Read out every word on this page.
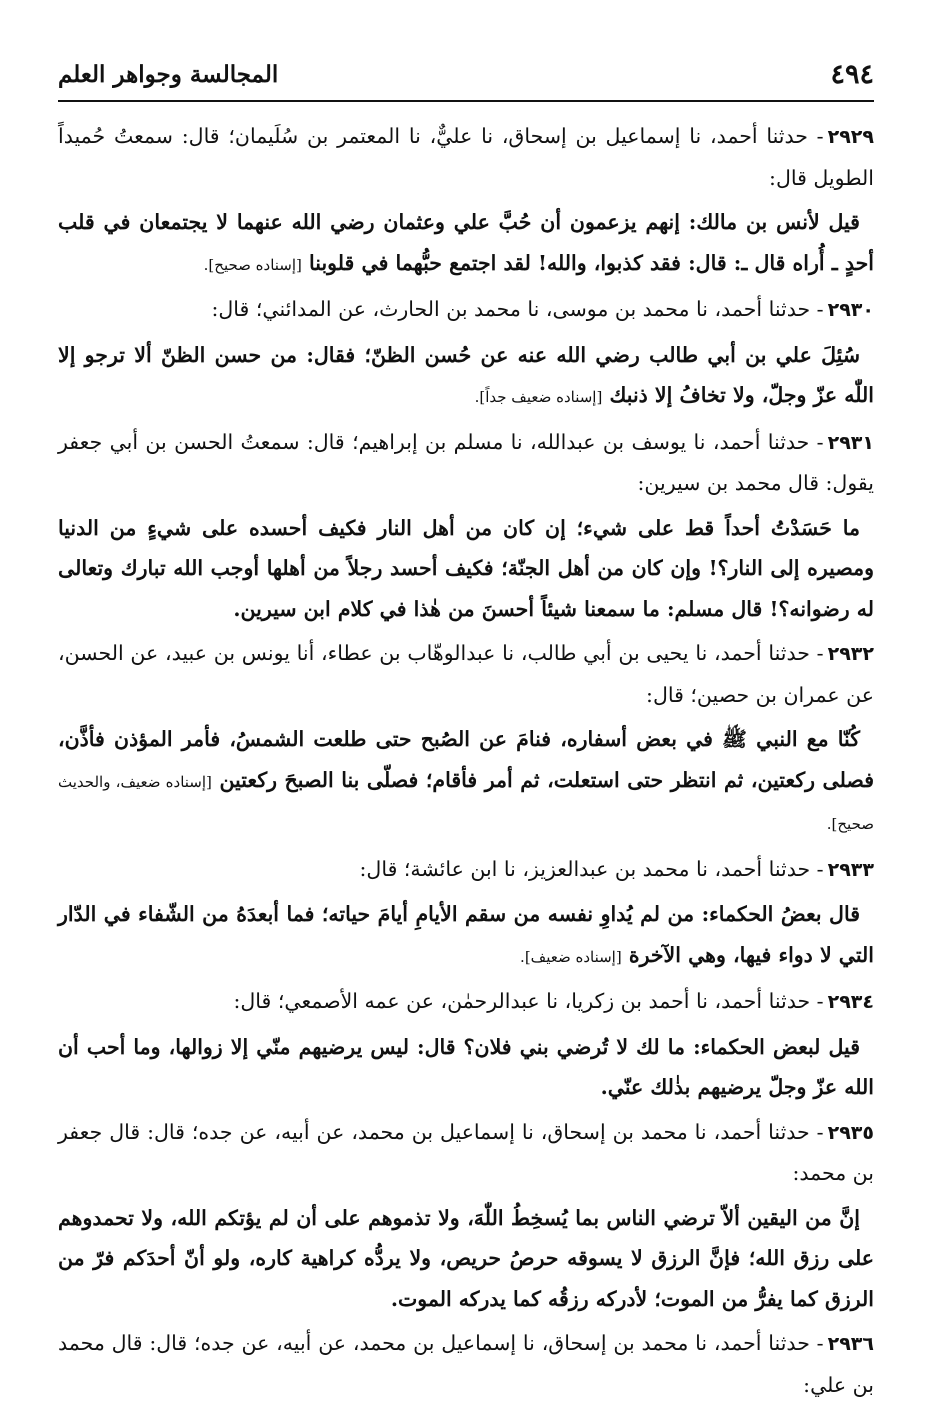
٤٩٤
المجالسة وجواهر العلم

٢٩٢٩- حدثنا أحمد، نا إسماعيل بن إسحاق، نا عليٌّ، نا المعتمر بن سُلَيمان؛ قال: سمعتُ حُميداً الطويل قال:

قيل لأنس بن مالك: إنهم يزعمون أن حُبَّ علي وعثمان رضي الله عنهما لا يجتمعان في قلب أحدٍ ـ أُراه قال ـ: قال: فقد كذبوا، والله! لقد اجتمع حبُّهما في قلوبنا [إسناده صحيح].

٢٩٣٠- حدثنا أحمد، نا محمد بن موسى، نا محمد بن الحارث، عن المدائني؛ قال:

سُئِلَ علي بن أبي طالب رضي الله عنه عن حُسن الظنّ؛ فقال: من حسن الظنّ ألا ترجو إلا اللّٰه عزّ وجلّ، ولا تخافُ إلا ذنبك [إسناده ضعيف جداً].

٢٩٣١- حدثنا أحمد، نا يوسف بن عبدالله، نا مسلم بن إبراهيم؛ قال: سمعتُ الحسن بن أبي جعفر يقول: قال محمد بن سيرين:

ما حَسَدْتُ أحداً قط على شيء؛ إن كان من أهل النار فكيف أحسده على شيءٍ من الدنيا ومصيره إلى النار؟! وإن كان من أهل الجنّة؛ فكيف أحسد رجلاً من أهلها أوجب الله تبارك وتعالى له رضوانه؟! قال مسلم: ما سمعنا شيئاً أحسنَ من هٰذا في كلام ابن سيرين.

٢٩٣٢- حدثنا أحمد، نا يحيى بن أبي طالب، نا عبدالوهّاب بن عطاء، أنا يونس بن عبيد، عن الحسن، عن عمران بن حصين؛ قال:

كُنّا مع النبي ﷺ في بعض أسفاره، فنامَ عن الصُبح حتى طلعت الشمسُ، فأمر المؤذن فأذَّن، فصلى ركعتين، ثم انتظر حتى استعلت، ثم أمر فأقام؛ فصلّى بنا الصبحَ ركعتين [إسناده ضعيف، والحديث صحيح].

٢٩٣٣- حدثنا أحمد، نا محمد بن عبدالعزيز، نا ابن عائشة؛ قال:

قال بعضُ الحكماء: من لم يُداوِ نفسه من سقم الأيامِ أيامَ حياته؛ فما أبعدَهُ من الشّفاء في الدّار التي لا دواء فيها، وهي الآخرة [إسناده ضعيف].

٢٩٣٤- حدثنا أحمد، نا أحمد بن زكريا، نا عبدالرحمٰن، عن عمه الأصمعي؛ قال:

قيل لبعض الحكماء: ما لك لا تُرضي بني فلان؟ قال: ليس يرضيهم منّي إلا زوالها، وما أحب أن الله عزّ وجلّ يرضيهم بذٰلك عنّي.

٢٩٣٥- حدثنا أحمد، نا محمد بن إسحاق، نا إسماعيل بن محمد، عن أبيه، عن جده؛ قال: قال جعفر بن محمد:

إنَّ من اليقين ألاّ ترضي الناس بما يُسخِطُ اللّٰهَ، ولا تذموهم على أن لم يؤتكم الله، ولا تحمدوهم على رزق الله؛ فإنَّ الرزق لا يسوقه حرصُ حريص، ولا يردُّه كراهية كاره، ولو أنّ أحدَكم فرّ من الرزق كما يفرُّ من الموت؛ لأدركه رزقُه كما يدركه الموت.

٢٩٣٦- حدثنا أحمد، نا محمد بن إسحاق، نا إسماعيل بن محمد، عن أبيه، عن جده؛ قال: قال محمد بن علي:
